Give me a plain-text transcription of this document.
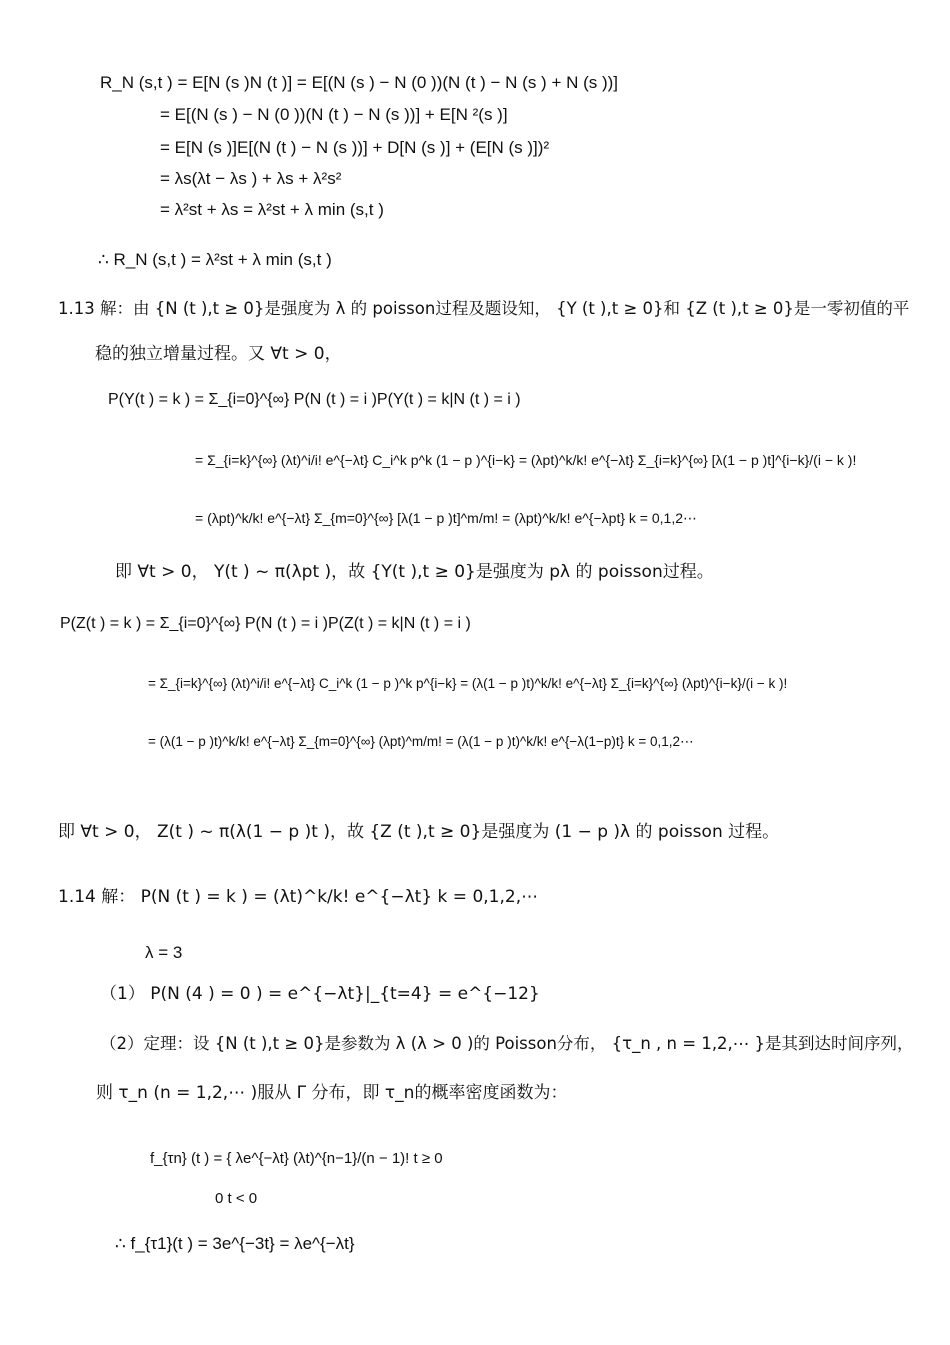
R_N (s,t ) = E[N (s )N (t )] = E[(N (s ) − N (0 ))(N (t ) − N (s ) + N (s ))]
= E[(N (s ) − N (0 ))(N (t ) − N (s ))] + E[N ²(s )]
= E[N (s )]E[(N (t ) − N (s ))] + D[N (s )] + (E[N (s )])²
= λs(λt − λs ) + λs + λ²s²
= λ²st + λs = λ²st + λ min (s,t )
∴ R_N (s,t ) = λ²st + λ min (s,t )
1.13 解：由 {N (t ),t ≥ 0}是强度为 λ 的 poisson过程及题设知， {Y (t ),t ≥ 0}和 {Z (t ),t ≥ 0}是一零初值的平
稳的独立增量过程。又 ∀t > 0，
P(Y(t ) = k ) = Σ_{i=0}^{∞} P(N (t ) = i )P(Y(t ) = k|N (t ) = i )
= Σ_{i=k}^{∞} (λt)^i/i! e^{−λt} C_i^k p^k (1 − p )^{i−k} = (λpt)^k/k! e^{−λt} Σ_{i=k}^{∞} [λ(1 − p )t]^{i−k}/(i − k )!
= (λpt)^k/k! e^{−λt} Σ_{m=0}^{∞} [λ(1 − p )t]^m/m! = (λpt)^k/k! e^{−λpt} k = 0,1,2⋯
即 ∀t > 0， Y(t ) ~ π(λpt )，故 {Y(t ),t ≥ 0}是强度为 pλ 的 poisson过程。
P(Z(t ) = k ) = Σ_{i=0}^{∞} P(N (t ) = i )P(Z(t ) = k|N (t ) = i )
= Σ_{i=k}^{∞} (λt)^i/i! e^{−λt} C_i^k (1 − p )^k p^{i−k} = (λ(1 − p )t)^k/k! e^{−λt} Σ_{i=k}^{∞} (λpt)^{i−k}/(i − k )!
= (λ(1 − p )t)^k/k! e^{−λt} Σ_{m=0}^{∞} (λpt)^m/m! = (λ(1 − p )t)^k/k! e^{−λ(1−p)t} k = 0,1,2⋯
即 ∀t > 0， Z(t ) ~ π(λ(1 − p )t )，故 {Z (t ),t ≥ 0}是强度为 (1 − p )λ 的 poisson 过程。
1.14 解： P(N (t ) = k ) = (λt)^k/k! e^{−λt} k = 0,1,2,⋯
λ = 3
（1） P(N (4 ) = 0 ) = e^{−λt}|_{t=4} = e^{−12}
（2）定理：设 {N (t ),t ≥ 0}是参数为 λ (λ > 0 )的 Poisson分布， {τ_n , n = 1,2,⋯ }是其到达时间序列，
则 τ_n (n = 1,2,⋯ )服从 Γ 分布，即 τ_n的概率密度函数为：
f_{τn} (t ) = { λe^{−λt} (λt)^{n−1}/(n − 1)! t ≥ 0
0 t < 0
∴ f_{τ1}(t ) = 3e^{−3t} = λe^{−λt}
